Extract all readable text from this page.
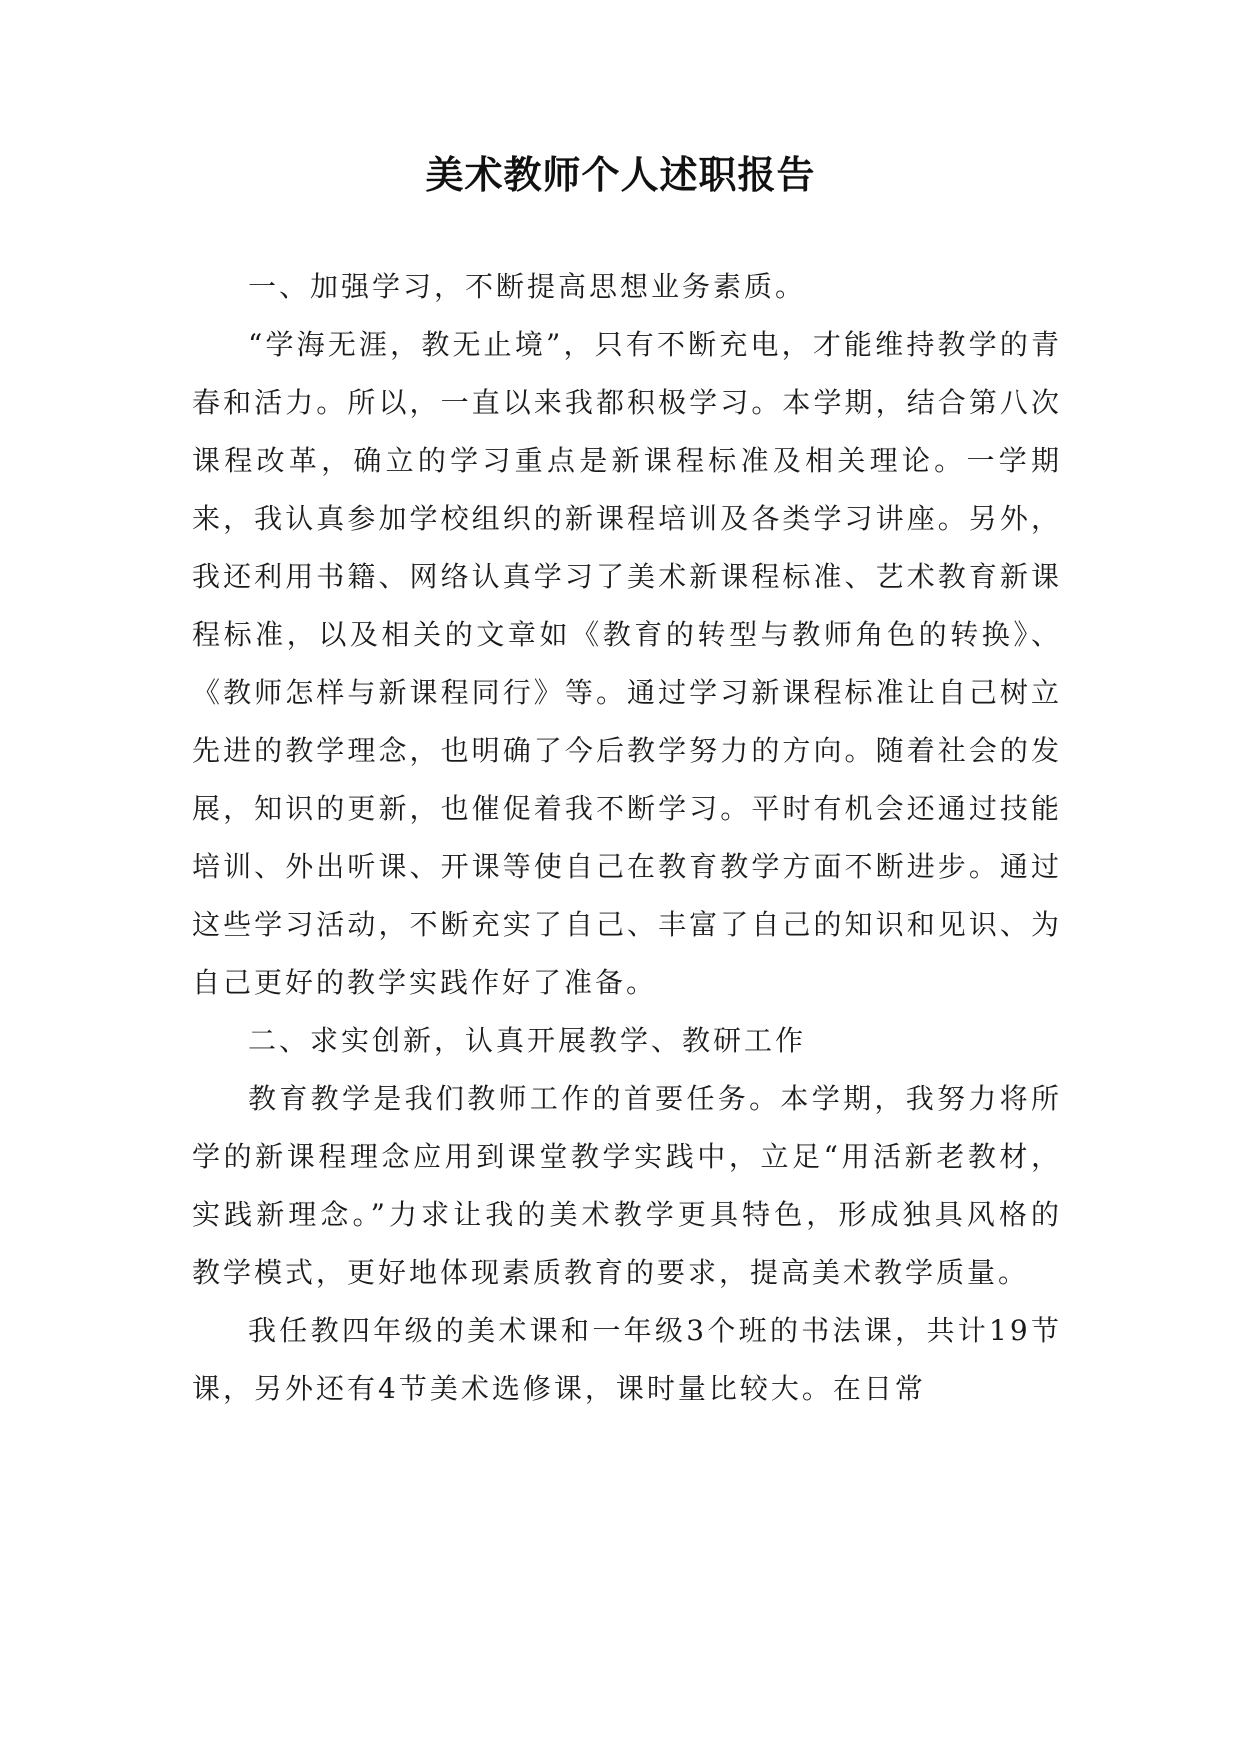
美术教师个人述职报告

一、加强学习，不断提高思想业务素质。

“学海无涯，教无止境”，只有不断充电，才能维持教学的青春和活力。所以，一直以来我都积极学习。本学期，结合第八次课程改革，确立的学习重点是新课程标准及相关理论。一学期来，我认真参加学校组织的新课程培训及各类学习讲座。另外，我还利用书籍、网络认真学习了美术新课程标准、艺术教育新课程标准，以及相关的文章如《教育的转型与教师角色的转换》、《教师怎样与新课程同行》等。通过学习新课程标准让自己树立先进的教学理念，也明确了今后教学努力的方向。随着社会的发展，知识的更新，也催促着我不断学习。平时有机会还通过技能培训、外出听课、开课等使自己在教育教学方面不断进步。通过这些学习活动，不断充实了自己、丰富了自己的知识和见识、为自己更好的教学实践作好了准备。

二、求实创新，认真开展教学、教研工作

教育教学是我们教师工作的首要任务。本学期，我努力将所学的新课程理念应用到课堂教学实践中，立足“用活新老教材，实践新理念。”力求让我的美术教学更具特色，形成独具风格的教学模式，更好地体现素质教育的要求，提高美术教学质量。

我任教四年级的美术课和一年级3个班的书法课，共计19节课，另外还有4节美术选修课，课时量比较大。在日常
